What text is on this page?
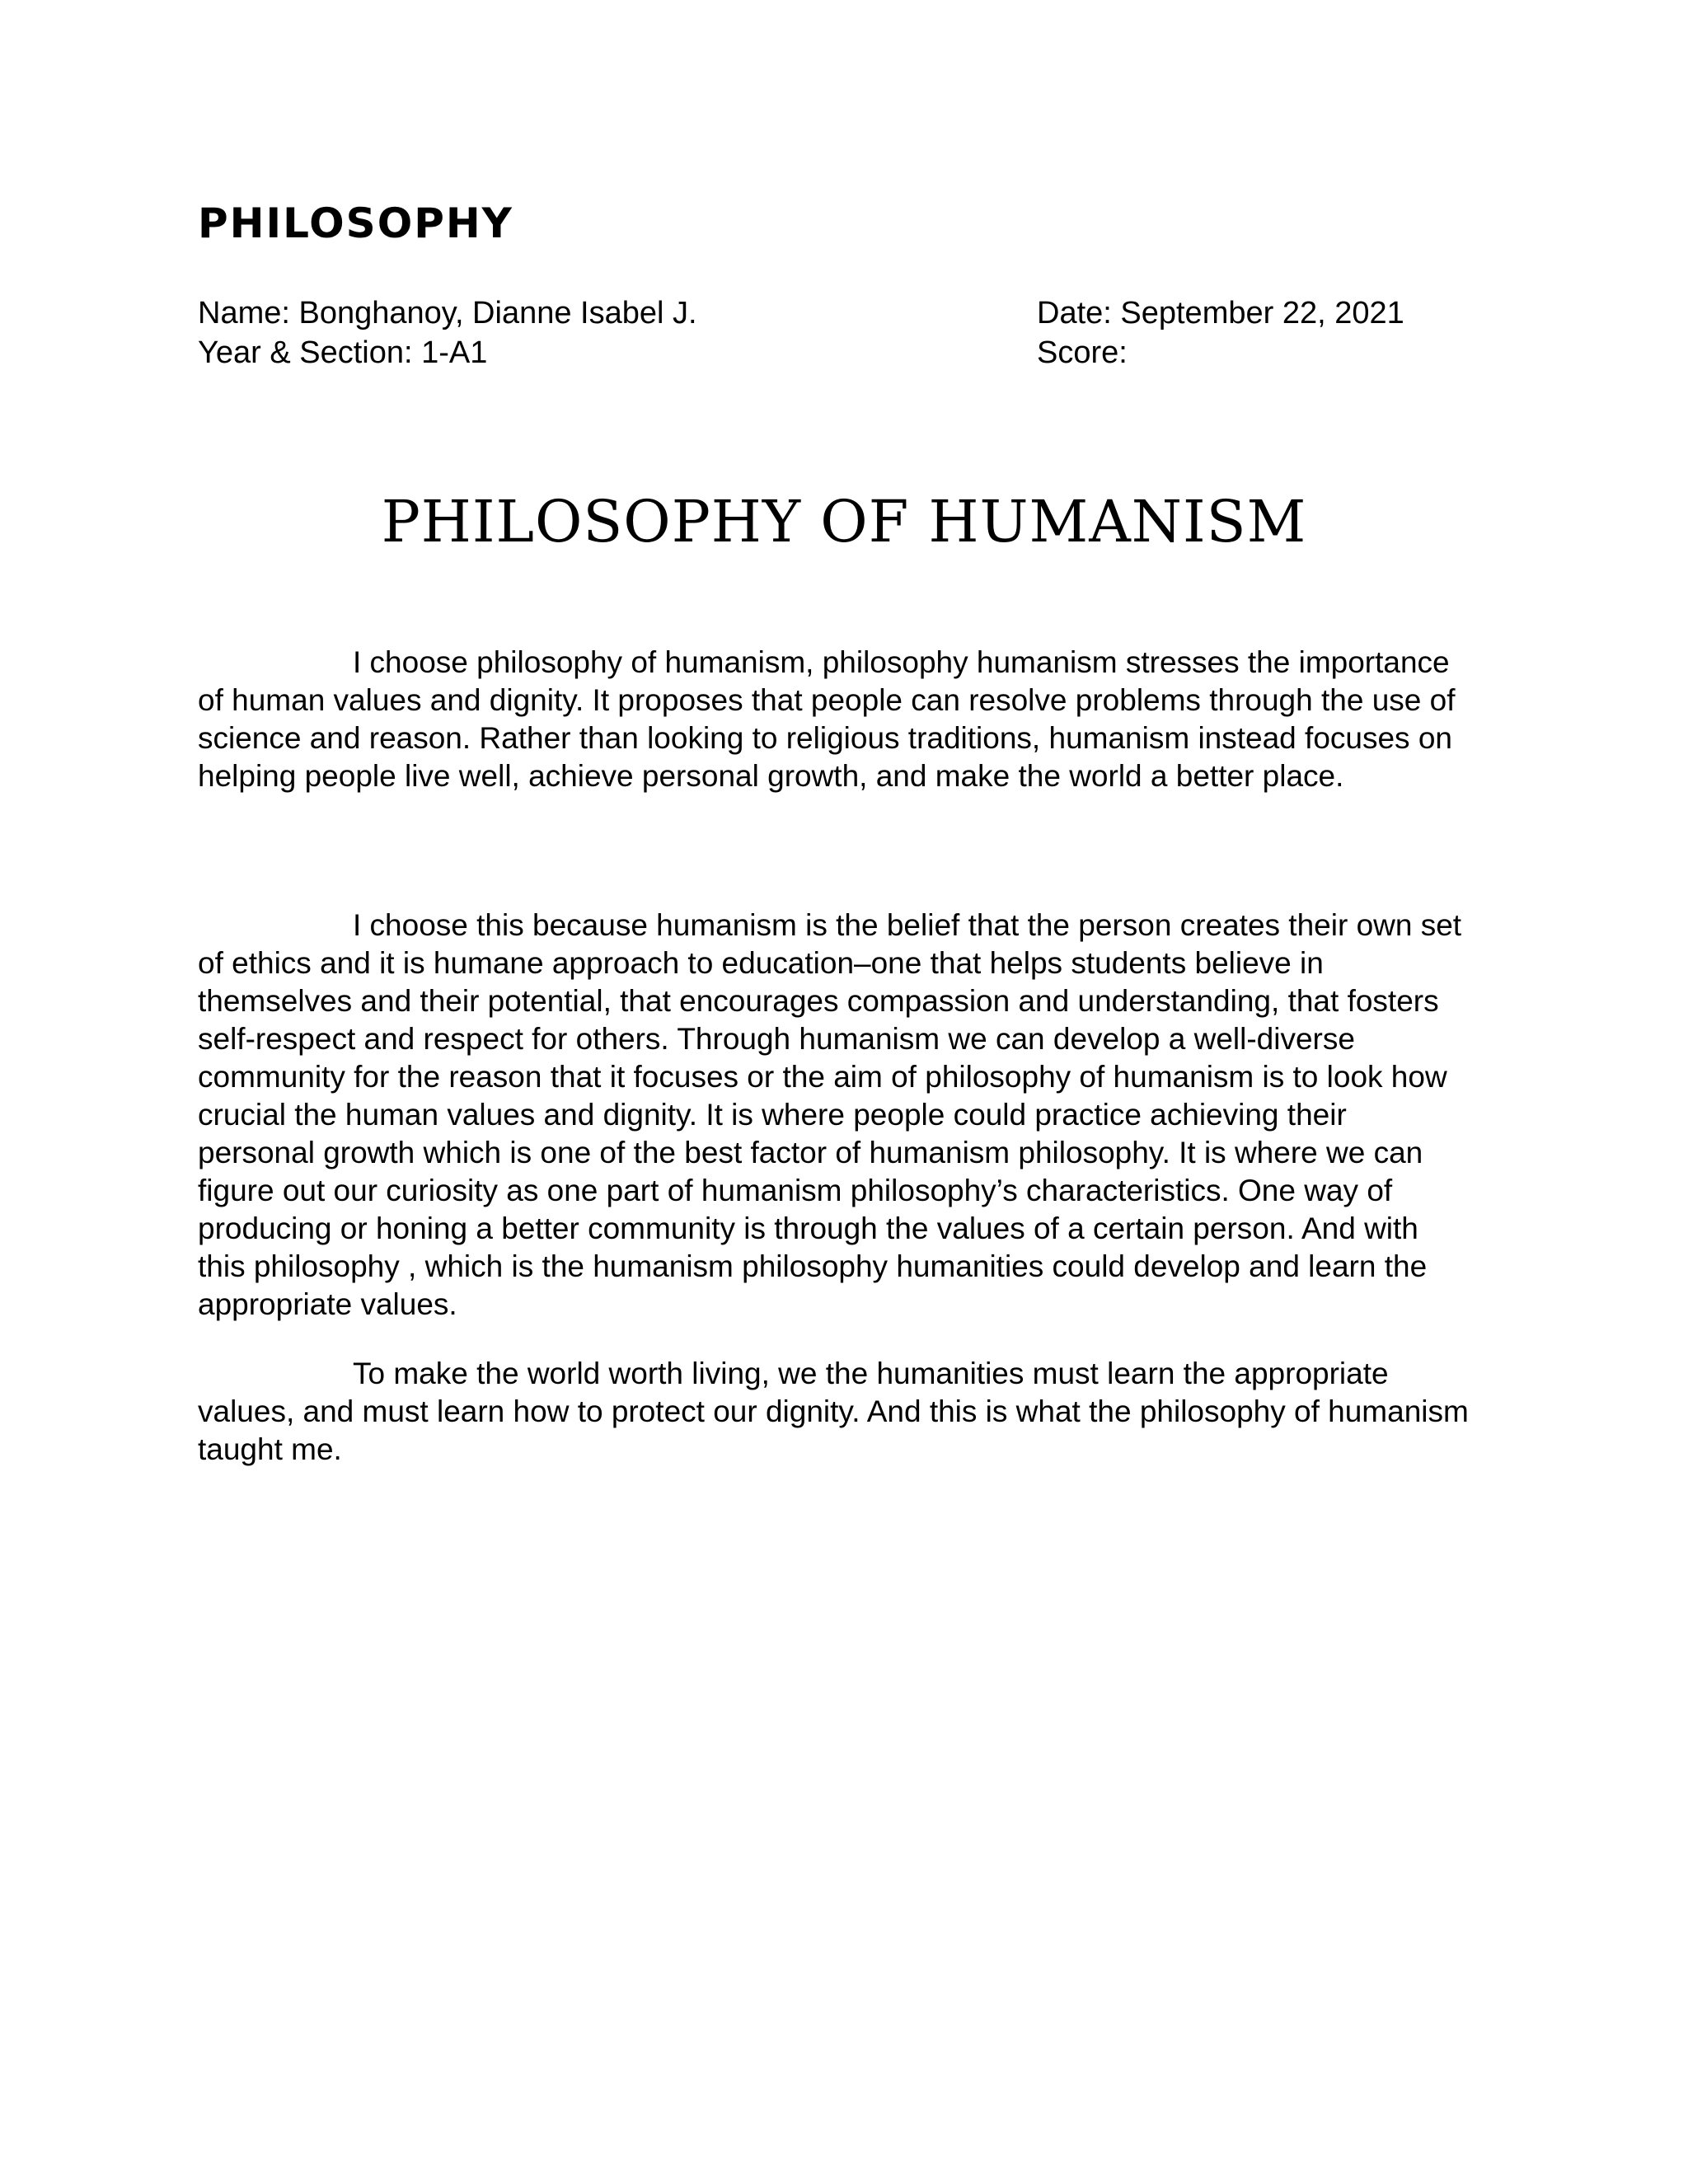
PHILOSOPHY
Name: Bonghanoy, Dianne Isabel J.
Year & Section: 1-A1
Date: September 22, 2021
Score:
PHILOSOPHY OF HUMANISM

I choose philosophy of humanism, philosophy humanism stresses the importance of human values and dignity. It proposes that people can resolve problems through the use of science and reason. Rather than looking to religious traditions, humanism instead focuses on helping people live well, achieve personal growth, and make the world a better place.

I choose this because humanism is the belief that the person creates their own set of ethics and it is humane approach to education–one that helps students believe in themselves and their potential, that encourages compassion and understanding, that fosters self-respect and respect for others. Through humanism we can develop a well-diverse community for the reason that it focuses or the aim of philosophy of humanism is to look how crucial the human values and dignity. It is where people could practice achieving their personal growth which is one of the best factor of humanism philosophy. It is where we can figure out our curiosity as one part of humanism philosophy’s characteristics. One way of producing or honing a better community is through the values of a certain person. And with this philosophy , which is the humanism philosophy humanities could develop and learn the appropriate values.

To make the world worth living, we the humanities must learn the appropriate values, and must learn how to protect our dignity. And this is what the philosophy of humanism taught me.
